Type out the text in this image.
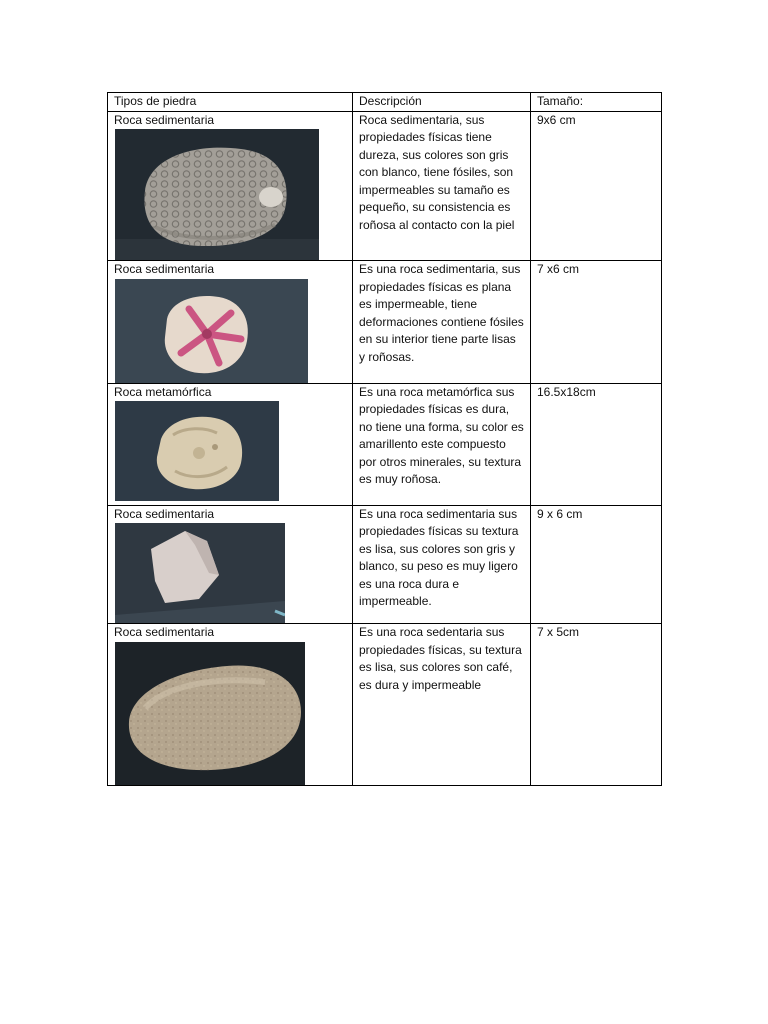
Tipos de piedra	Descripción	Tamaño:

Roca sedimentaria	Roca sedimentaria, sus propiedades físicas tiene dureza, sus colores son gris con blanco, tiene fósiles, son impermeables su tamaño es pequeño, su consistencia es roñosa al contacto con la piel	9x6 cm

Roca sedimentaria	Es una roca sedimentaria, sus propiedades físicas es plana es impermeable, tiene deformaciones contiene fósiles en su interior tiene parte lisas y roñosas.	7 x6 cm

Roca metamórfica	Es una roca metamórfica sus propiedades físicas es dura, no tiene una forma, su color es amarillento este compuesto por otros minerales, su textura es muy roñosa.	16.5x18cm

Roca sedimentaria	Es una roca sedimentaria sus propiedades físicas su textura es lisa, sus colores son gris y blanco, su peso es muy ligero es una roca dura e impermeable.	9 x 6 cm

Roca sedimentaria	Es una roca sedentaria sus propiedades físicas, su textura es lisa, sus colores son café, es dura y impermeable	7 x 5cm
